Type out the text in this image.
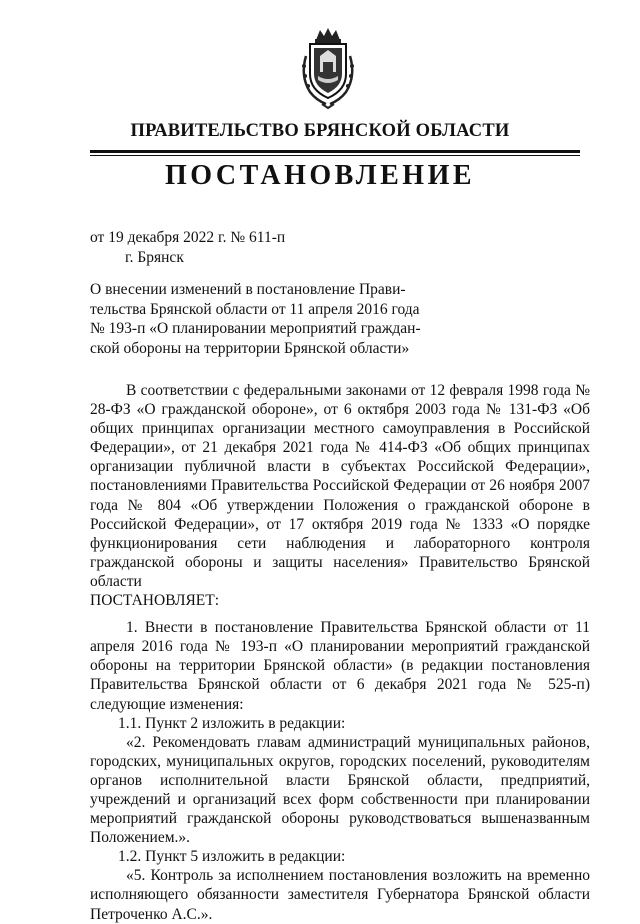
ПРАВИТЕЛЬСТВО БРЯНСКОЙ ОБЛАСТИ
ПОСТАНОВЛЕНИЕ
от 19 декабря 2022 г. № 611-п
г. Брянск
О внесении изменений в постановление Прави-
тельства Брянской области от 11 апреля 2016 года
№ 193-п «О планировании мероприятий граждан-
ской обороны на территории Брянской области»

В соответствии с федеральными законами от 12 февраля 1998 года № 28-ФЗ «О гражданской обороне», от 6 октября 2003 года № 131-ФЗ «Об общих принципах организации местного самоуправления в Российской Федерации», от 21 декабря 2021 года № 414-ФЗ «Об общих принципах организации публичной власти в субъектах Российской Федерации», постановлениями Правительства Российской Федерации от 26 ноября 2007 года № 804 «Об утверждении Положения о гражданской обороне в Российской Федерации», от 17 октября 2019 года № 1333 «О порядке функционирования сети наблюдения и лабораторного контроля гражданской обороны и защиты населения» Правительство Брянской области

ПОСТАНОВЛЯЕТ:

1. Внести в постановление Правительства Брянской области от 11 апреля 2016 года № 193-п «О планировании мероприятий гражданской обороны на территории Брянской области» (в редакции постановления Правительства Брянской области от 6 декабря 2021 года № 525-п) следующие изменения:

1.1. Пункт 2 изложить в редакции:

«2. Рекомендовать главам администраций муниципальных районов, городских, муниципальных округов, городских поселений, руководителям органов исполнительной власти Брянской области, предприятий, учреждений и организаций всех форм собственности при планировании мероприятий гражданской обороны руководствоваться вышеназванным Положением.».

1.2. Пункт 5 изложить в редакции:

«5. Контроль за исполнением постановления возложить на временно исполняющего обязанности заместителя Губернатора Брянской области Петроченко А.С.».
